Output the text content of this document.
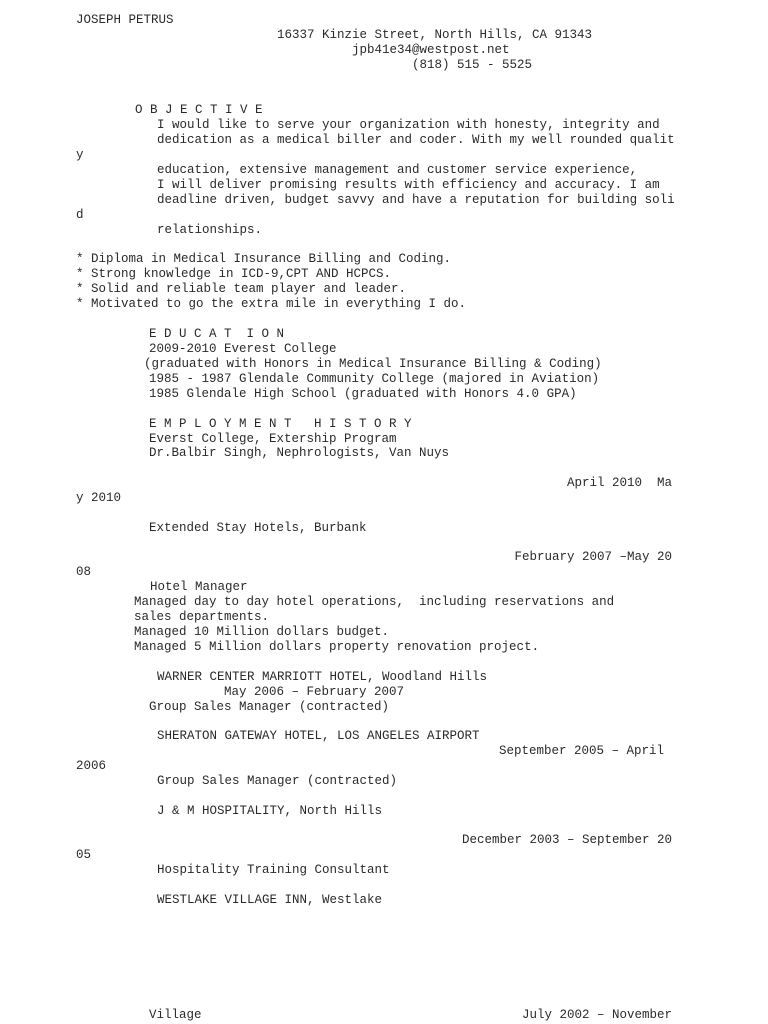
JOSEPH PETRUS
16337 Kinzie Street, North Hills, CA 91343
jpb41e34@westpost.net
(818) 515 - 5525
O B J E C T I V E
I would like to serve your organization with honesty, integrity and
dedication as a medical biller and coder. With my well rounded qualit
y
education, extensive management and customer service experience,
I will deliver promising results with efficiency and accuracy. I am
deadline driven, budget savvy and have a reputation for building soli
d
relationships.
* Diploma in Medical Insurance Billing and Coding.
* Strong knowledge in ICD-9,CPT AND HCPCS.
* Solid and reliable team player and leader.
* Motivated to go the extra mile in everything I do.
E D U C A T  I O N
2009-2010 Everest College
(graduated with Honors in Medical Insurance Billing & Coding)
1985 - 1987 Glendale Community College (majored in Aviation)
1985 Glendale High School (graduated with Honors 4.0 GPA)
E M P L O Y M E N T   H I S T O R Y
Everst College, Extership Program
Dr.Balbir Singh, Nephrologists, Van Nuys
April 2010  Ma
y 2010
Extended Stay Hotels, Burbank
February 2007 –May 20
08
Hotel Manager
Managed day to day hotel operations,  including reservations and
sales departments.
Managed 10 Million dollars budget.
Managed 5 Million dollars property renovation project.
WARNER CENTER MARRIOTT HOTEL, Woodland Hills
May 2006 – February 2007
Group Sales Manager (contracted)
SHERATON GATEWAY HOTEL, LOS ANGELES AIRPORT
September 2005 – April
2006
Group Sales Manager (contracted)
J & M HOSPITALITY, North Hills
December 2003 – September 20
05
Hospitality Training Consultant
WESTLAKE VILLAGE INN, Westlake
Village	July 2002 – November
